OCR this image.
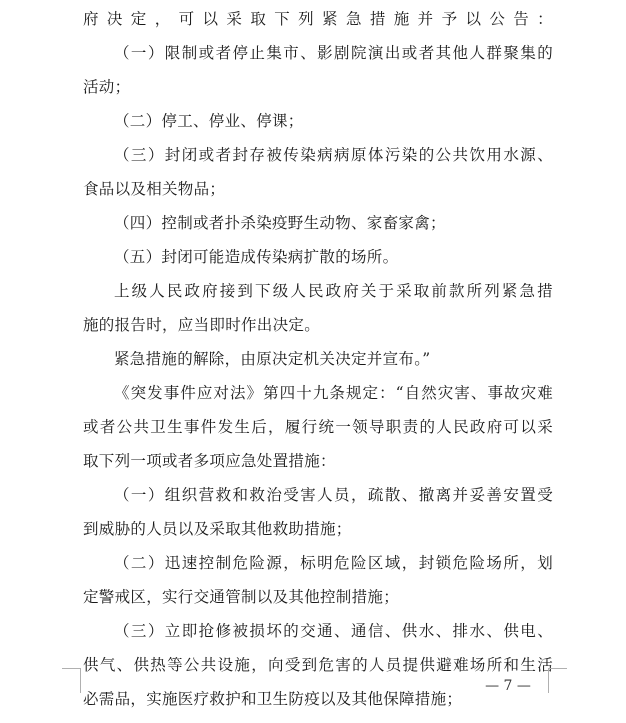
府决定，可以采取下列紧急措施并予以公告：
（一）限制或者停止集市、影剧院演出或者其他人群聚集的
活动；
（二）停工、停业、停课；
（三）封闭或者封存被传染病病原体污染的公共饮用水源、
食品以及相关物品；
（四）控制或者扑杀染疫野生动物、家畜家禽；
（五）封闭可能造成传染病扩散的场所。
上级人民政府接到下级人民政府关于采取前款所列紧急措
施的报告时，应当即时作出决定。
紧急措施的解除，由原决定机关决定并宣布。”
《突发事件应对法》第四十九条规定：“自然灾害、事故灾难
或者公共卫生事件发生后，履行统一领导职责的人民政府可以采
取下列一项或者多项应急处置措施：
（一）组织营救和救治受害人员，疏散、撤离并妥善安置受
到威胁的人员以及采取其他救助措施；
（二）迅速控制危险源，标明危险区域，封锁危险场所，划
定警戒区，实行交通管制以及其他控制措施；
（三）立即抢修被损坏的交通、通信、供水、排水、供电、
供气、供热等公共设施，向受到危害的人员提供避难场所和生活
必需品，实施医疗救护和卫生防疫以及其他保障措施；
— 7 —
